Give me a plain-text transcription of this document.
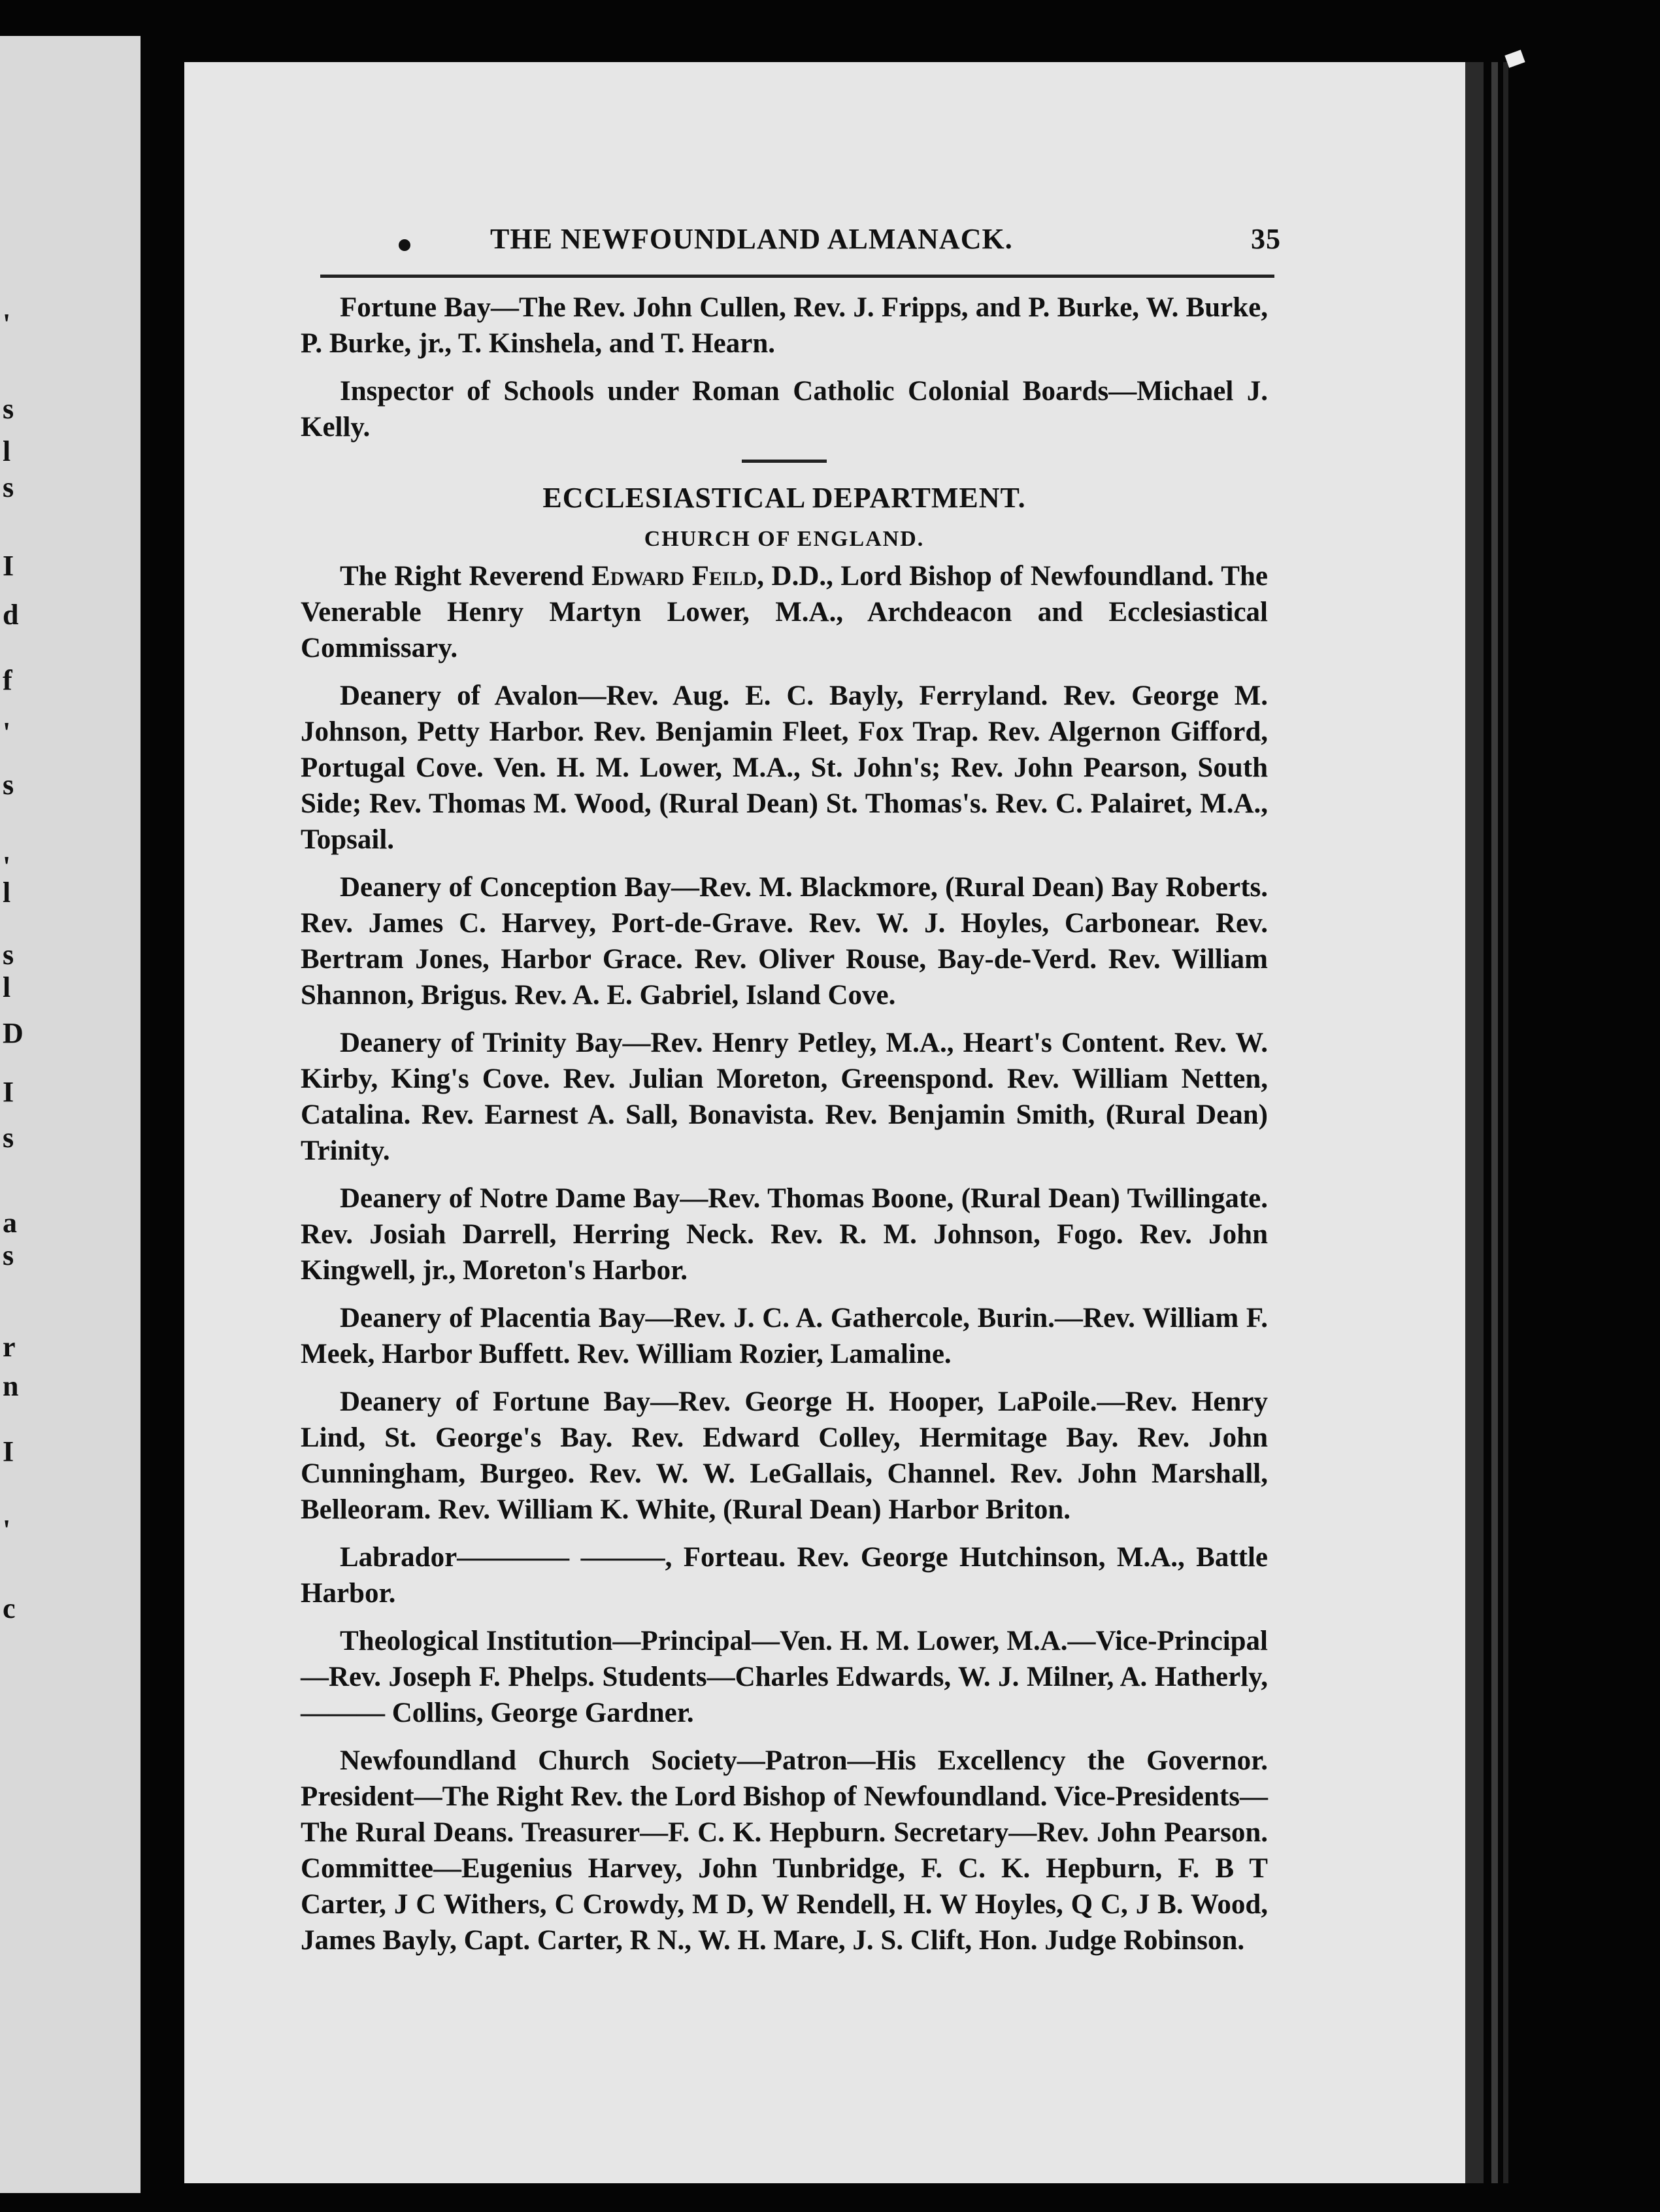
'
s
l
s
I
d
f
'
s
'
l
s
l
D
I
s
a
s
r
n
I
'
c
THE NEWFOUNDLAND ALMANACK.	35

Fortune Bay—The Rev. John Cullen, Rev. J. Fripps, and P. Burke, W. Burke, P. Burke, jr., T. Kinshela, and T. Hearn.

Inspector of Schools under Roman Catholic Colonial Boards—Michael J. Kelly.

ECCLESIASTICAL DEPARTMENT.
CHURCH OF ENGLAND.

The Right Reverend Edward Feild, D.D., Lord Bishop of Newfoundland. The Venerable Henry Martyn Lower, M.A., Archdeacon and Ecclesiastical Commissary.

Deanery of Avalon—Rev. Aug. E. C. Bayly, Ferryland. Rev. George M. Johnson, Petty Harbor. Rev. Benjamin Fleet, Fox Trap. Rev. Algernon Gifford, Portugal Cove. Ven. H. M. Lower, M.A., St. John's; Rev. John Pearson, South Side; Rev. Thomas M. Wood, (Rural Dean) St. Thomas's. Rev. C. Palairet, M.A., Topsail.

Deanery of Conception Bay—Rev. M. Blackmore, (Rural Dean) Bay Roberts. Rev. James C. Harvey, Port-de-Grave. Rev. W. J. Hoyles, Carbonear. Rev. Bertram Jones, Harbor Grace. Rev. Oliver Rouse, Bay-de-Verd. Rev. William Shannon, Brigus. Rev. A. E. Gabriel, Island Cove.

Deanery of Trinity Bay—Rev. Henry Petley, M.A., Heart's Content. Rev. W. Kirby, King's Cove. Rev. Julian Moreton, Greenspond. Rev. William Netten, Catalina. Rev. Earnest A. Sall, Bonavista. Rev. Benjamin Smith, (Rural Dean) Trinity.

Deanery of Notre Dame Bay—Rev. Thomas Boone, (Rural Dean) Twillingate. Rev. Josiah Darrell, Herring Neck. Rev. R. M. Johnson, Fogo. Rev. John Kingwell, jr., Moreton's Harbor.

Deanery of Placentia Bay—Rev. J. C. A. Gathercole, Burin.—Rev. William F. Meek, Harbor Buffett. Rev. William Rozier, Lamaline.

Deanery of Fortune Bay—Rev. George H. Hooper, LaPoile.—Rev. Henry Lind, St. George's Bay. Rev. Edward Colley, Hermitage Bay. Rev. John Cunningham, Burgeo. Rev. W. W. LeGallais, Channel. Rev. John Marshall, Belleoram. Rev. William K. White, (Rural Dean) Harbor Briton.

Labrador———— ———, Forteau. Rev. George Hutchinson, M.A., Battle Harbor.

Theological Institution—Principal—Ven. H. M. Lower, M.A.—Vice-Principal—Rev. Joseph F. Phelps. Students—Charles Edwards, W. J. Milner, A. Hatherly, ——— Collins, George Gardner.

Newfoundland Church Society—Patron—His Excellency the Governor. President—The Right Rev. the Lord Bishop of Newfoundland. Vice-Presidents—The Rural Deans. Treasurer—F. C. K. Hepburn. Secretary—Rev. John Pearson. Committee—Eugenius Harvey, John Tunbridge, F. C. K. Hepburn, F. B T Carter, J C Withers, C Crowdy, M D, W Rendell, H. W Hoyles, Q C, J B. Wood, James Bayly, Capt. Carter, R N., W. H. Mare, J. S. Clift, Hon. Judge Robinson.
